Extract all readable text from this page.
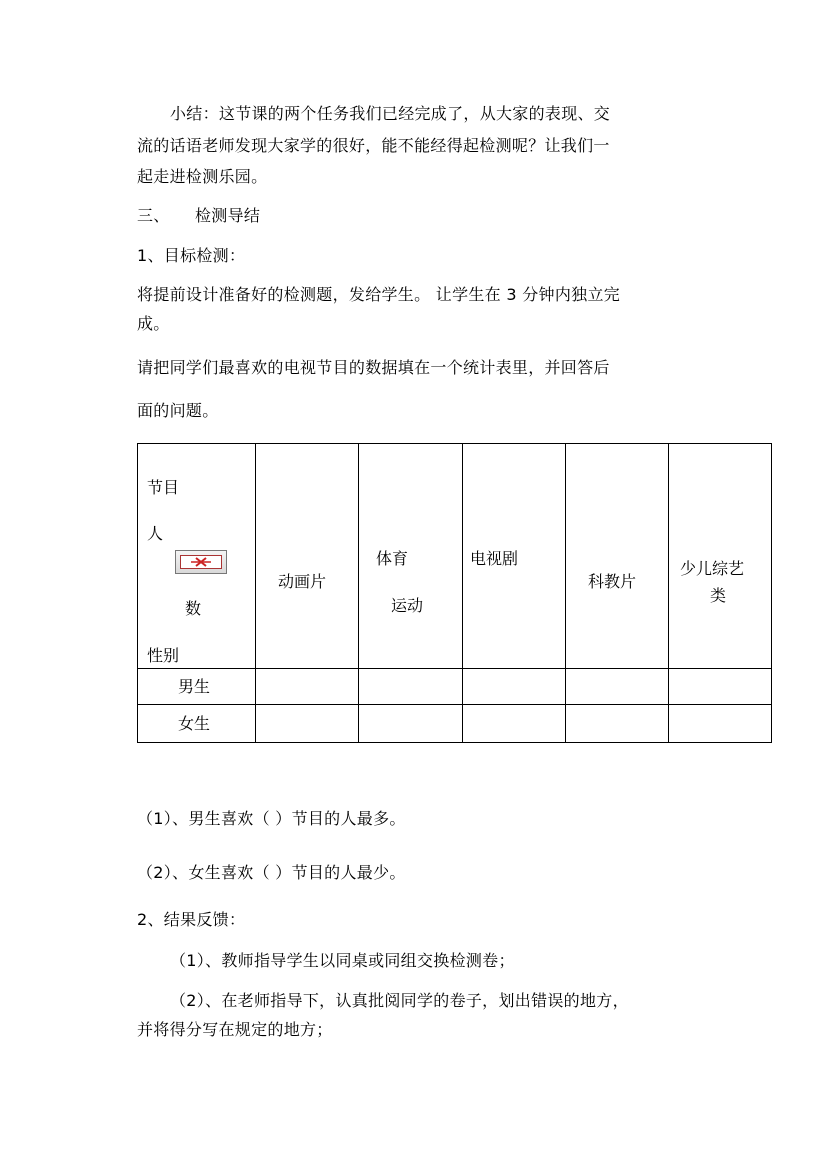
小结：这节课的两个任务我们已经完成了，从大家的表现、交
流的话语老师发现大家学的很好，能不能经得起检测呢？让我们一
起走进检测乐园。
三、 检测导结
1、目标检测：
将提前设计准备好的检测题，发给学生。 让学生在 3 分钟内独立完
成。
请把同学们最喜欢的电视节目的数据填在一个统计表里，并回答后
面的问题。
节目
人
数
性别
动画片
体育
运动
电视剧
科教片
少儿综艺
类
男生
女生
（1）、男生喜欢（ ）节目的人最多。
（2）、女生喜欢（ ）节目的人最少。
2、结果反馈：
（1）、教师指导学生以同桌或同组交换检测卷；
（2）、在老师指导下，认真批阅同学的卷子，划出错误的地方，
并将得分写在规定的地方；
